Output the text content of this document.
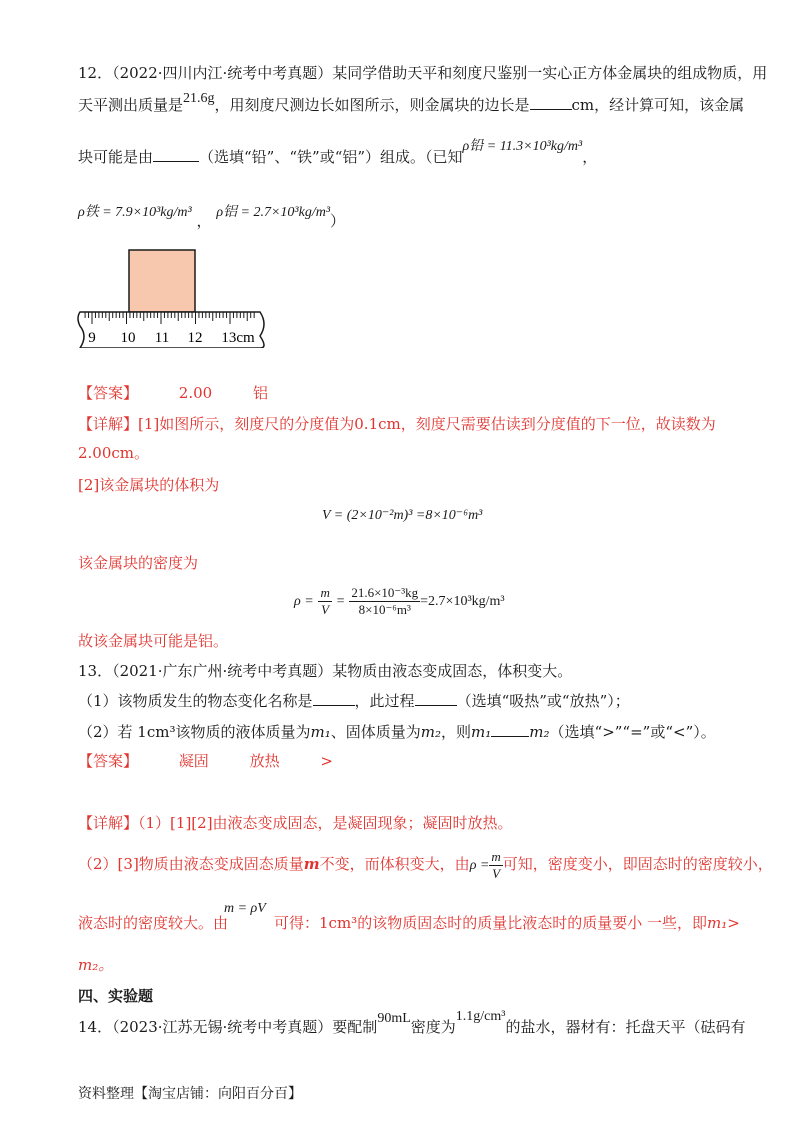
12．（2022·四川内江·统考中考真题）某同学借助天平和刻度尺鉴别一实心正方体金属块的组成物质，用
天平测出质量是21.6g，用刻度尺测边长如图所示，则金属块的边长是	cm，经计算可知，该金属
块可能是由	（选填“铅”、“铁”或“铝”）组成。（已知ρ铅 = 11.3×10³kg/m³，
ρ铁 = 7.9×10³kg/m³ ， ρ铝 = 2.7×10³kg/m³）
9 10 11 12 13cm
【答案】	2.00	铝
【详解】[1]如图所示，刻度尺的分度值为0.1cm，刻度尺需要估读到分度值的下一位，故读数为
2.00cm。
[2]该金属块的体积为
V = (2×10⁻²m)³ =8×10⁻⁶m³
该金属块的密度为
$\rho = \frac{m}{V} = \frac{\text{21.6×10⁻³kg}}{\text{8×10⁻⁶m³}} =2.7\times 10^3kg/m^3$
故该金属块可能是铝。
13．（2021·广东广州·统考中考真题）某物质由液态变成固态，体积变大。
（1）该物质发生的物态变化名称是	，此过程	（选填“吸热”或“放热”）；
（2）若 1cm³该物质的液体质量为m₁、固体质量为m₂，则m₁	m₂（选填“>”“=”或“<”）。
【答案】	凝固	放热	>
【详解】（1）[1][2]由液态变成固态，是凝固现象；凝固时放热。
（2）[3]物质由液态变成固态质量m不变，而体积变大，由$\rho = \frac{m}{V}$ 可知，密度变小，即固态时的密度较小，
m = ρV
液态时的密度较大。由	可得：1cm³的该物质固态时的质量比液态时的质量要小 一些，即m₁>
m₂。
四、实验题
14．（2023·江苏无锡·统考中考真题）要配制90mL密度为1.1g/cm³的盐水，器材有：托盘天平（砝码有
资料整理【淘宝店铺：向阳百分百】
